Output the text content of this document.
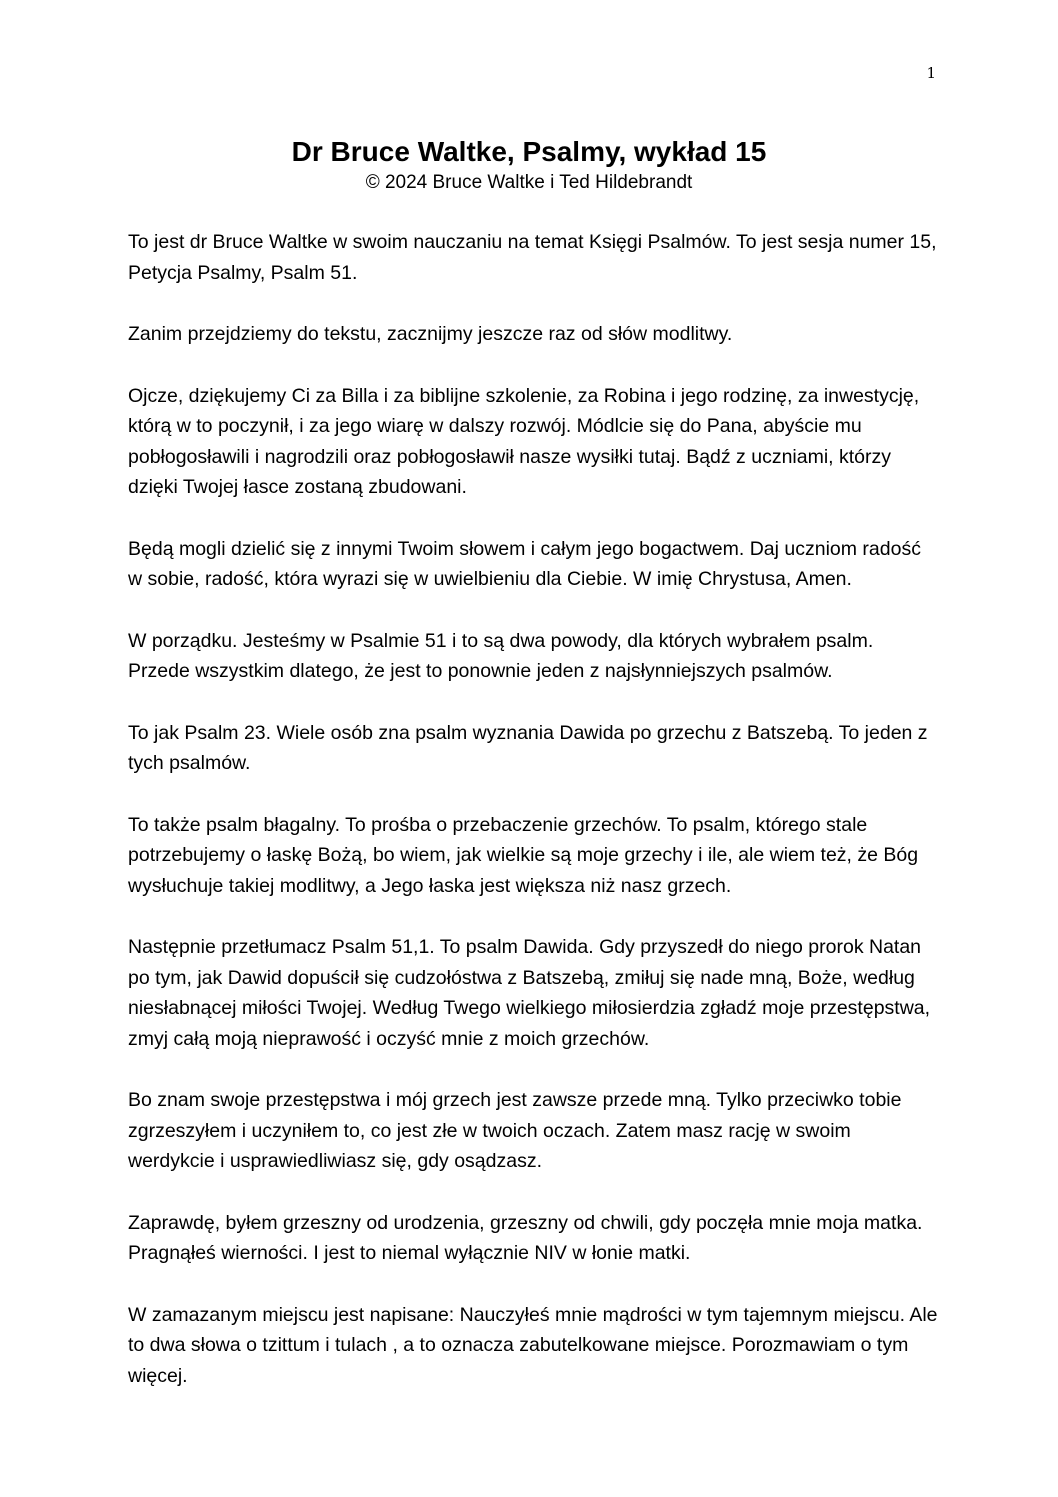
1
Dr Bruce Waltke, Psalmy, wykład 15

© 2024 Bruce Waltke i Ted Hildebrandt

To jest dr Bruce Waltke w swoim nauczaniu na temat Księgi Psalmów. To jest sesja numer 15, Petycja Psalmy, Psalm 51.

Zanim przejdziemy do tekstu, zacznijmy jeszcze raz od słów modlitwy.

Ojcze, dziękujemy Ci za Billa i za biblijne szkolenie, za Robina i jego rodzinę, za inwestycję, którą w to poczynił, i za jego wiarę w dalszy rozwój. Módlcie się do Pana, abyście mu pobłogosławili i nagrodzili oraz pobłogosławił nasze wysiłki tutaj. Bądź z uczniami, którzy dzięki Twojej łasce zostaną zbudowani.

Będą mogli dzielić się z innymi Twoim słowem i całym jego bogactwem. Daj uczniom radość w sobie, radość, która wyrazi się w uwielbieniu dla Ciebie. W imię Chrystusa, Amen.

W porządku. Jesteśmy w Psalmie 51 i to są dwa powody, dla których wybrałem psalm. Przede wszystkim dlatego, że jest to ponownie jeden z najsłynniejszych psalmów.

To jak Psalm 23. Wiele osób zna psalm wyznania Dawida po grzechu z Batszebą. To jeden z tych psalmów.

To także psalm błagalny. To prośba o przebaczenie grzechów. To psalm, którego stale potrzebujemy o łaskę Bożą, bo wiem, jak wielkie są moje grzechy i ile, ale wiem też, że Bóg wysłuchuje takiej modlitwy, a Jego łaska jest większa niż nasz grzech.

Następnie przetłumacz Psalm 51,1. To psalm Dawida. Gdy przyszedł do niego prorok Natan po tym, jak Dawid dopuścił się cudzołóstwa z Batszebą, zmiłuj się nade mną, Boże, według niesłabnącej miłości Twojej. Według Twego wielkiego miłosierdzia zgładź moje przestępstwa, zmyj całą moją nieprawość i oczyść mnie z moich grzechów.

Bo znam swoje przestępstwa i mój grzech jest zawsze przede mną. Tylko przeciwko tobie zgrzeszyłem i uczyniłem to, co jest złe w twoich oczach. Zatem masz rację w swoim werdykcie i usprawiedliwiasz się, gdy osądzasz.

Zaprawdę, byłem grzeszny od urodzenia, grzeszny od chwili, gdy poczęła mnie moja matka. Pragnąłeś wierności. I jest to niemal wyłącznie NIV w łonie matki.

W zamazanym miejscu jest napisane: Nauczyłeś mnie mądrości w tym tajemnym miejscu. Ale to dwa słowa o tzittum i tulach , a to oznacza zabutelkowane miejsce. Porozmawiam o tym więcej.
